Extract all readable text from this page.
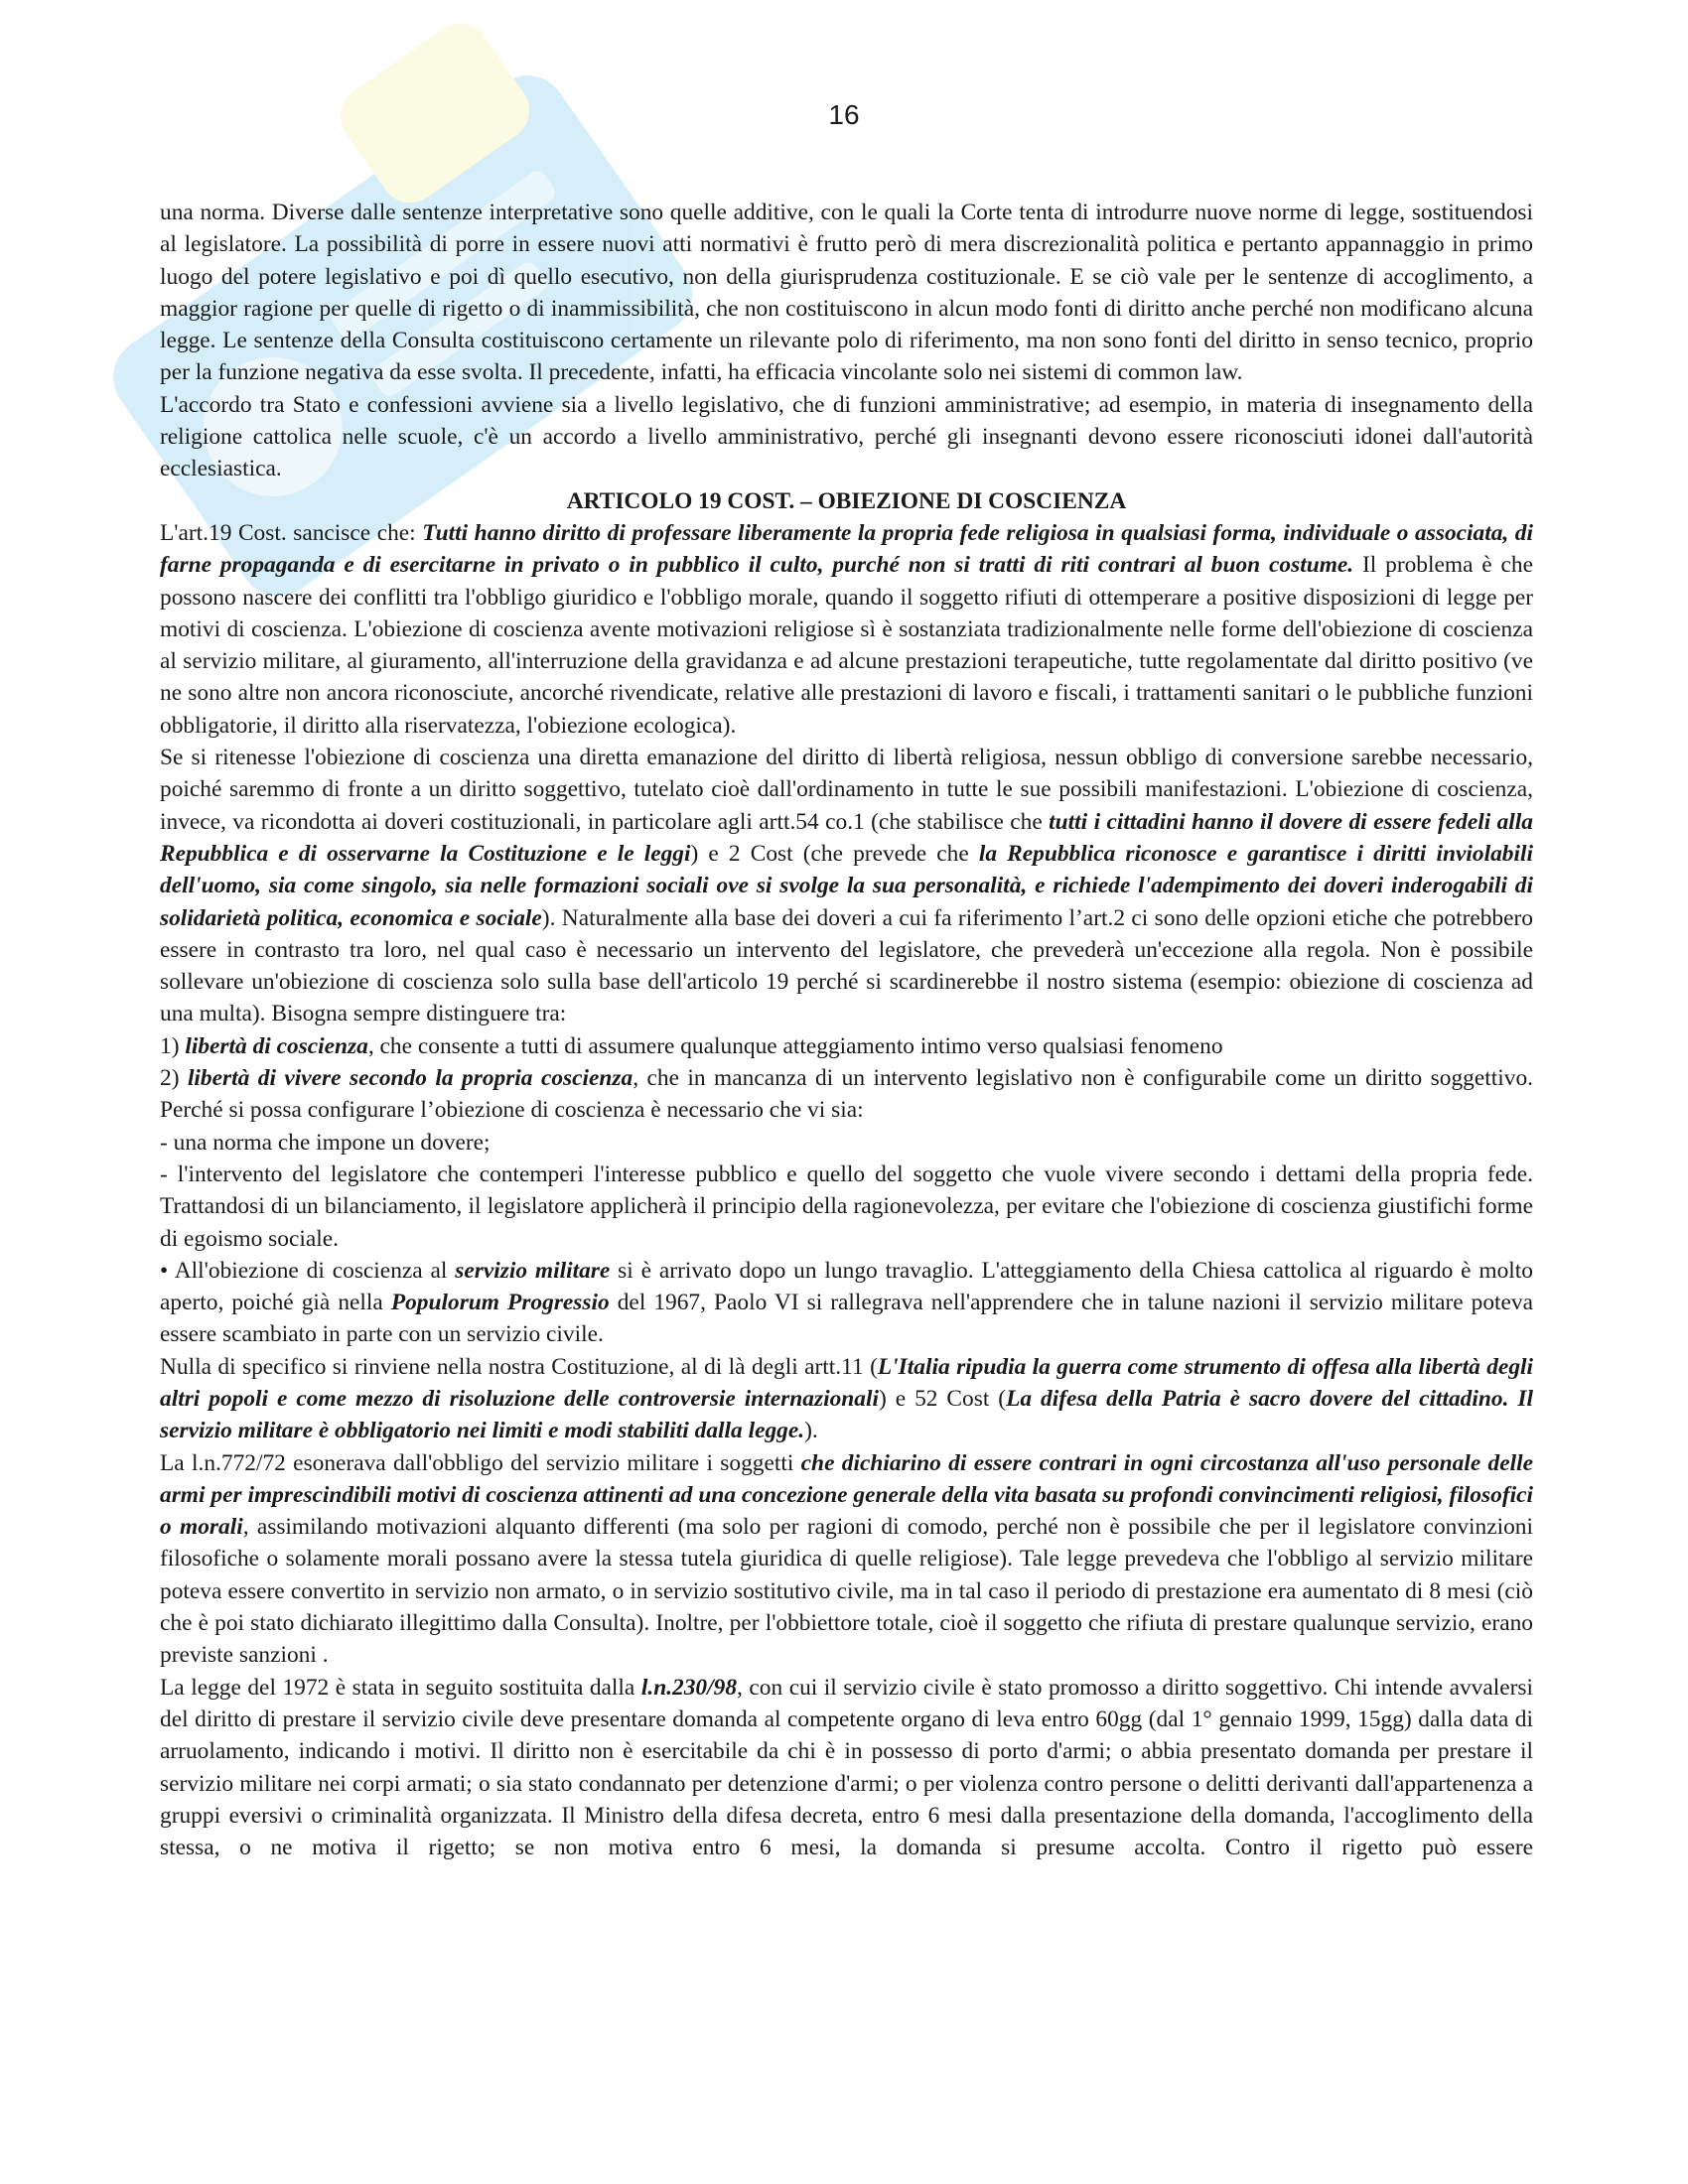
16

una norma. Diverse dalle sentenze interpretative sono quelle additive, con le quali la Corte tenta di introdurre nuove norme di legge, sostituendosi al legislatore. La possibilità di porre in essere nuovi atti normativi è frutto però di mera discrezionalità politica e pertanto appannaggio in primo luogo del potere legislativo e poi dì quello esecutivo, non della giurisprudenza costituzionale. E se ciò vale per le sentenze di accoglimento, a maggior ragione per quelle di rigetto o di inammissibilità, che non costituiscono in alcun modo fonti di diritto anche perché non modificano alcuna legge. Le sentenze della Consulta costituiscono certamente un rilevante polo di riferimento, ma non sono fonti del diritto in senso tecnico, proprio per la funzione negativa da esse svolta. Il precedente, infatti, ha efficacia vincolante solo nei sistemi di common law.

L'accordo tra Stato e confessioni avviene sia a livello legislativo, che di funzioni amministrative; ad esempio, in materia di insegnamento della religione cattolica nelle scuole, c'è un accordo a livello amministrativo, perché gli insegnanti devono essere riconosciuti idonei dall'autorità ecclesiastica.

ARTICOLO 19 COST. – OBIEZIONE DI COSCIENZA

L'art.19 Cost. sancisce che: Tutti hanno diritto di professare liberamente la propria fede religiosa in qualsiasi forma, individuale o associata, di farne propaganda e di esercitarne in privato o in pubblico il culto, purché non si tratti di riti contrari al buon costume. Il problema è che possono nascere dei conflitti tra l'obbligo giuridico e l'obbligo morale, quando il soggetto rifiuti di ottemperare a positive disposizioni di legge per motivi di coscienza. L'obiezione di coscienza avente motivazioni religiose sì è sostanziata tradizionalmente nelle forme dell'obiezione di coscienza al servizio militare, al giuramento, all'interruzione della gravidanza e ad alcune prestazioni terapeutiche, tutte regolamentate dal diritto positivo (ve ne sono altre non ancora riconosciute, ancorché rivendicate, relative alle prestazioni di lavoro e fiscali, i trattamenti sanitari o le pubbliche funzioni obbligatorie, il diritto alla riservatezza, l'obiezione ecologica).

Se si ritenesse l'obiezione di coscienza una diretta emanazione del diritto di libertà religiosa, nessun obbligo di conversione sarebbe necessario, poiché saremmo di fronte a un diritto soggettivo, tutelato cioè dall'ordinamento in tutte le sue possibili manifestazioni. L'obiezione di coscienza, invece, va ricondotta ai doveri costituzionali, in particolare agli artt.54 co.1 (che stabilisce che tutti i cittadini hanno il dovere di essere fedeli alla Repubblica e di osservarne la Costituzione e le leggi) e 2 Cost (che prevede che la Repubblica riconosce e garantisce i diritti inviolabili dell'uomo, sia come singolo, sia nelle formazioni sociali ove si svolge la sua personalità, e richiede l'adempimento dei doveri inderogabili di solidarietà politica, economica e sociale). Naturalmente alla base dei doveri a cui fa riferimento l’art.2 ci sono delle opzioni etiche che potrebbero essere in contrasto tra loro, nel qual caso è necessario un intervento del legislatore, che prevederà un'eccezione alla regola. Non è possibile sollevare un'obiezione di coscienza solo sulla base dell'articolo 19 perché si scardinerebbe il nostro sistema (esempio: obiezione di coscienza ad una multa). Bisogna sempre distinguere tra:

1) libertà di coscienza, che consente a tutti di assumere qualunque atteggiamento intimo verso qualsiasi fenomeno

2) libertà di vivere secondo la propria coscienza, che in mancanza di un intervento legislativo non è configurabile come un diritto soggettivo. Perché si possa configurare l’obiezione di coscienza è necessario che vi sia:

- una norma che impone un dovere;

- l'intervento del legislatore che contemperi l'interesse pubblico e quello del soggetto che vuole vivere secondo i dettami della propria fede. Trattandosi di un bilanciamento, il legislatore applicherà il principio della ragionevolezza, per evitare che l'obiezione di coscienza giustifichi forme di egoismo sociale.

• All'obiezione di coscienza al servizio militare si è arrivato dopo un lungo travaglio. L'atteggiamento della Chiesa cattolica al riguardo è molto aperto, poiché già nella Populorum Progressio del 1967, Paolo VI si rallegrava nell'apprendere che in talune nazioni il servizio militare poteva essere scambiato in parte con un servizio civile.

Nulla di specifico si rinviene nella nostra Costituzione, al di là degli artt.11 (L'Italia ripudia la guerra come strumento di offesa alla libertà degli altri popoli e come mezzo di risoluzione delle controversie internazionali) e 52 Cost (La difesa della Patria è sacro dovere del cittadino. Il servizio militare è obbligatorio nei limiti e modi stabiliti dalla legge.).

La l.n.772/72 esonerava dall'obbligo del servizio militare i soggetti che dichiarino di essere contrari in ogni circostanza all'uso personale delle armi per imprescindibili motivi di coscienza attinenti ad una concezione generale della vita basata su profondi convincimenti religiosi, filosofici o morali, assimilando motivazioni alquanto differenti (ma solo per ragioni di comodo, perché non è possibile che per il legislatore convinzioni filosofiche o solamente morali possano avere la stessa tutela giuridica di quelle religiose). Tale legge prevedeva che l'obbligo al servizio militare poteva essere convertito in servizio non armato, o in servizio sostitutivo civile, ma in tal caso il periodo di prestazione era aumentato di 8 mesi (ciò che è poi stato dichiarato illegittimo dalla Consulta). Inoltre, per l'obbiettore totale, cioè il soggetto che rifiuta di prestare qualunque servizio, erano previste sanzioni .

La legge del 1972 è stata in seguito sostituita dalla l.n.230/98, con cui il servizio civile è stato promosso a diritto soggettivo. Chi intende avvalersi del diritto di prestare il servizio civile deve presentare domanda al competente organo di leva entro 60gg (dal 1° gennaio 1999, 15gg) dalla data di arruolamento, indicando i motivi. Il diritto non è esercitabile da chi è in possesso di porto d'armi; o abbia presentato domanda per prestare il servizio militare nei corpi armati; o sia stato condannato per detenzione d'armi; o per violenza contro persone o delitti derivanti dall'appartenenza a gruppi eversivi o criminalità organizzata. Il Ministro della difesa decreta, entro 6 mesi dalla presentazione della domanda, l'accoglimento della stessa, o ne motiva il rigetto; se non motiva entro 6 mesi, la domanda si presume accolta. Contro il rigetto può essere
